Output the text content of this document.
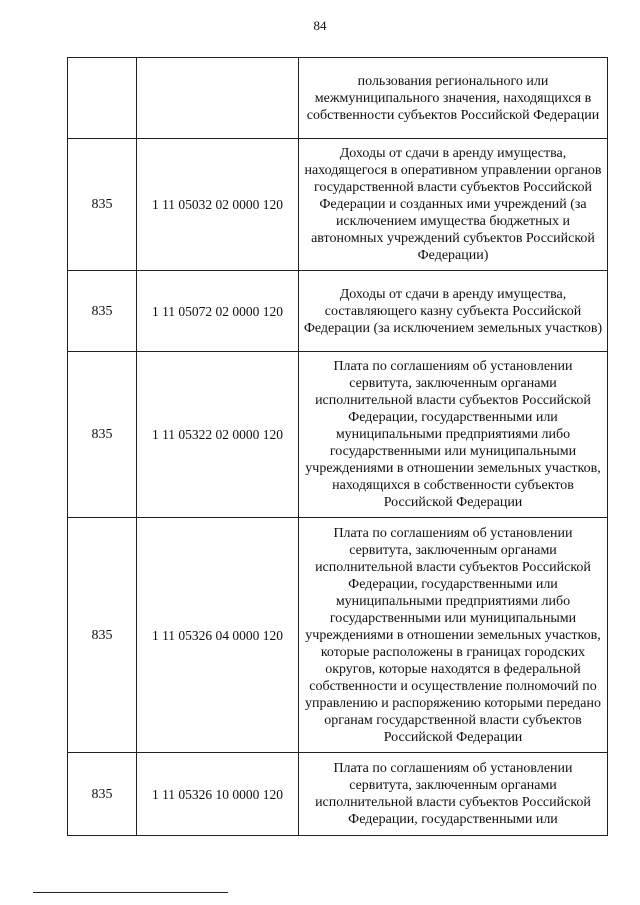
84
		пользования регионального или межмуниципального значения, находящихся в собственности субъектов Российской Федерации
835	1 11 05032 02 0000 120	Доходы от сдачи в аренду имущества, находящегося в оперативном управлении органов государственной власти субъектов Российской Федерации и созданных ими учреждений (за исключением имущества бюджетных и автономных учреждений субъектов Российской Федерации)
835	1 11 05072 02 0000 120	Доходы от сдачи в аренду имущества, составляющего казну субъекта Российской Федерации (за исключением земельных участков)
835	1 11 05322 02 0000 120	Плата по соглашениям об установлении сервитута, заключенным органами исполнительной власти субъектов Российской Федерации, государственными или муниципальными предприятиями либо государственными или муниципальными учреждениями в отношении земельных участков, находящихся в собственности субъектов Российской Федерации
835	1 11 05326 04 0000 120	Плата по соглашениям об установлении сервитута, заключенным органами исполнительной власти субъектов Российской Федерации, государственными или муниципальными предприятиями либо государственными или муниципальными учреждениями в отношении земельных участков, которые расположены в границах городских округов, которые находятся в федеральной собственности и осуществление полномочий по управлению и распоряжению которыми передано органам государственной власти субъектов Российской Федерации
835	1 11 05326 10 0000 120	Плата по соглашениям об установлении сервитута, заключенным органами исполнительной власти субъектов Российской Федерации, государственными или
